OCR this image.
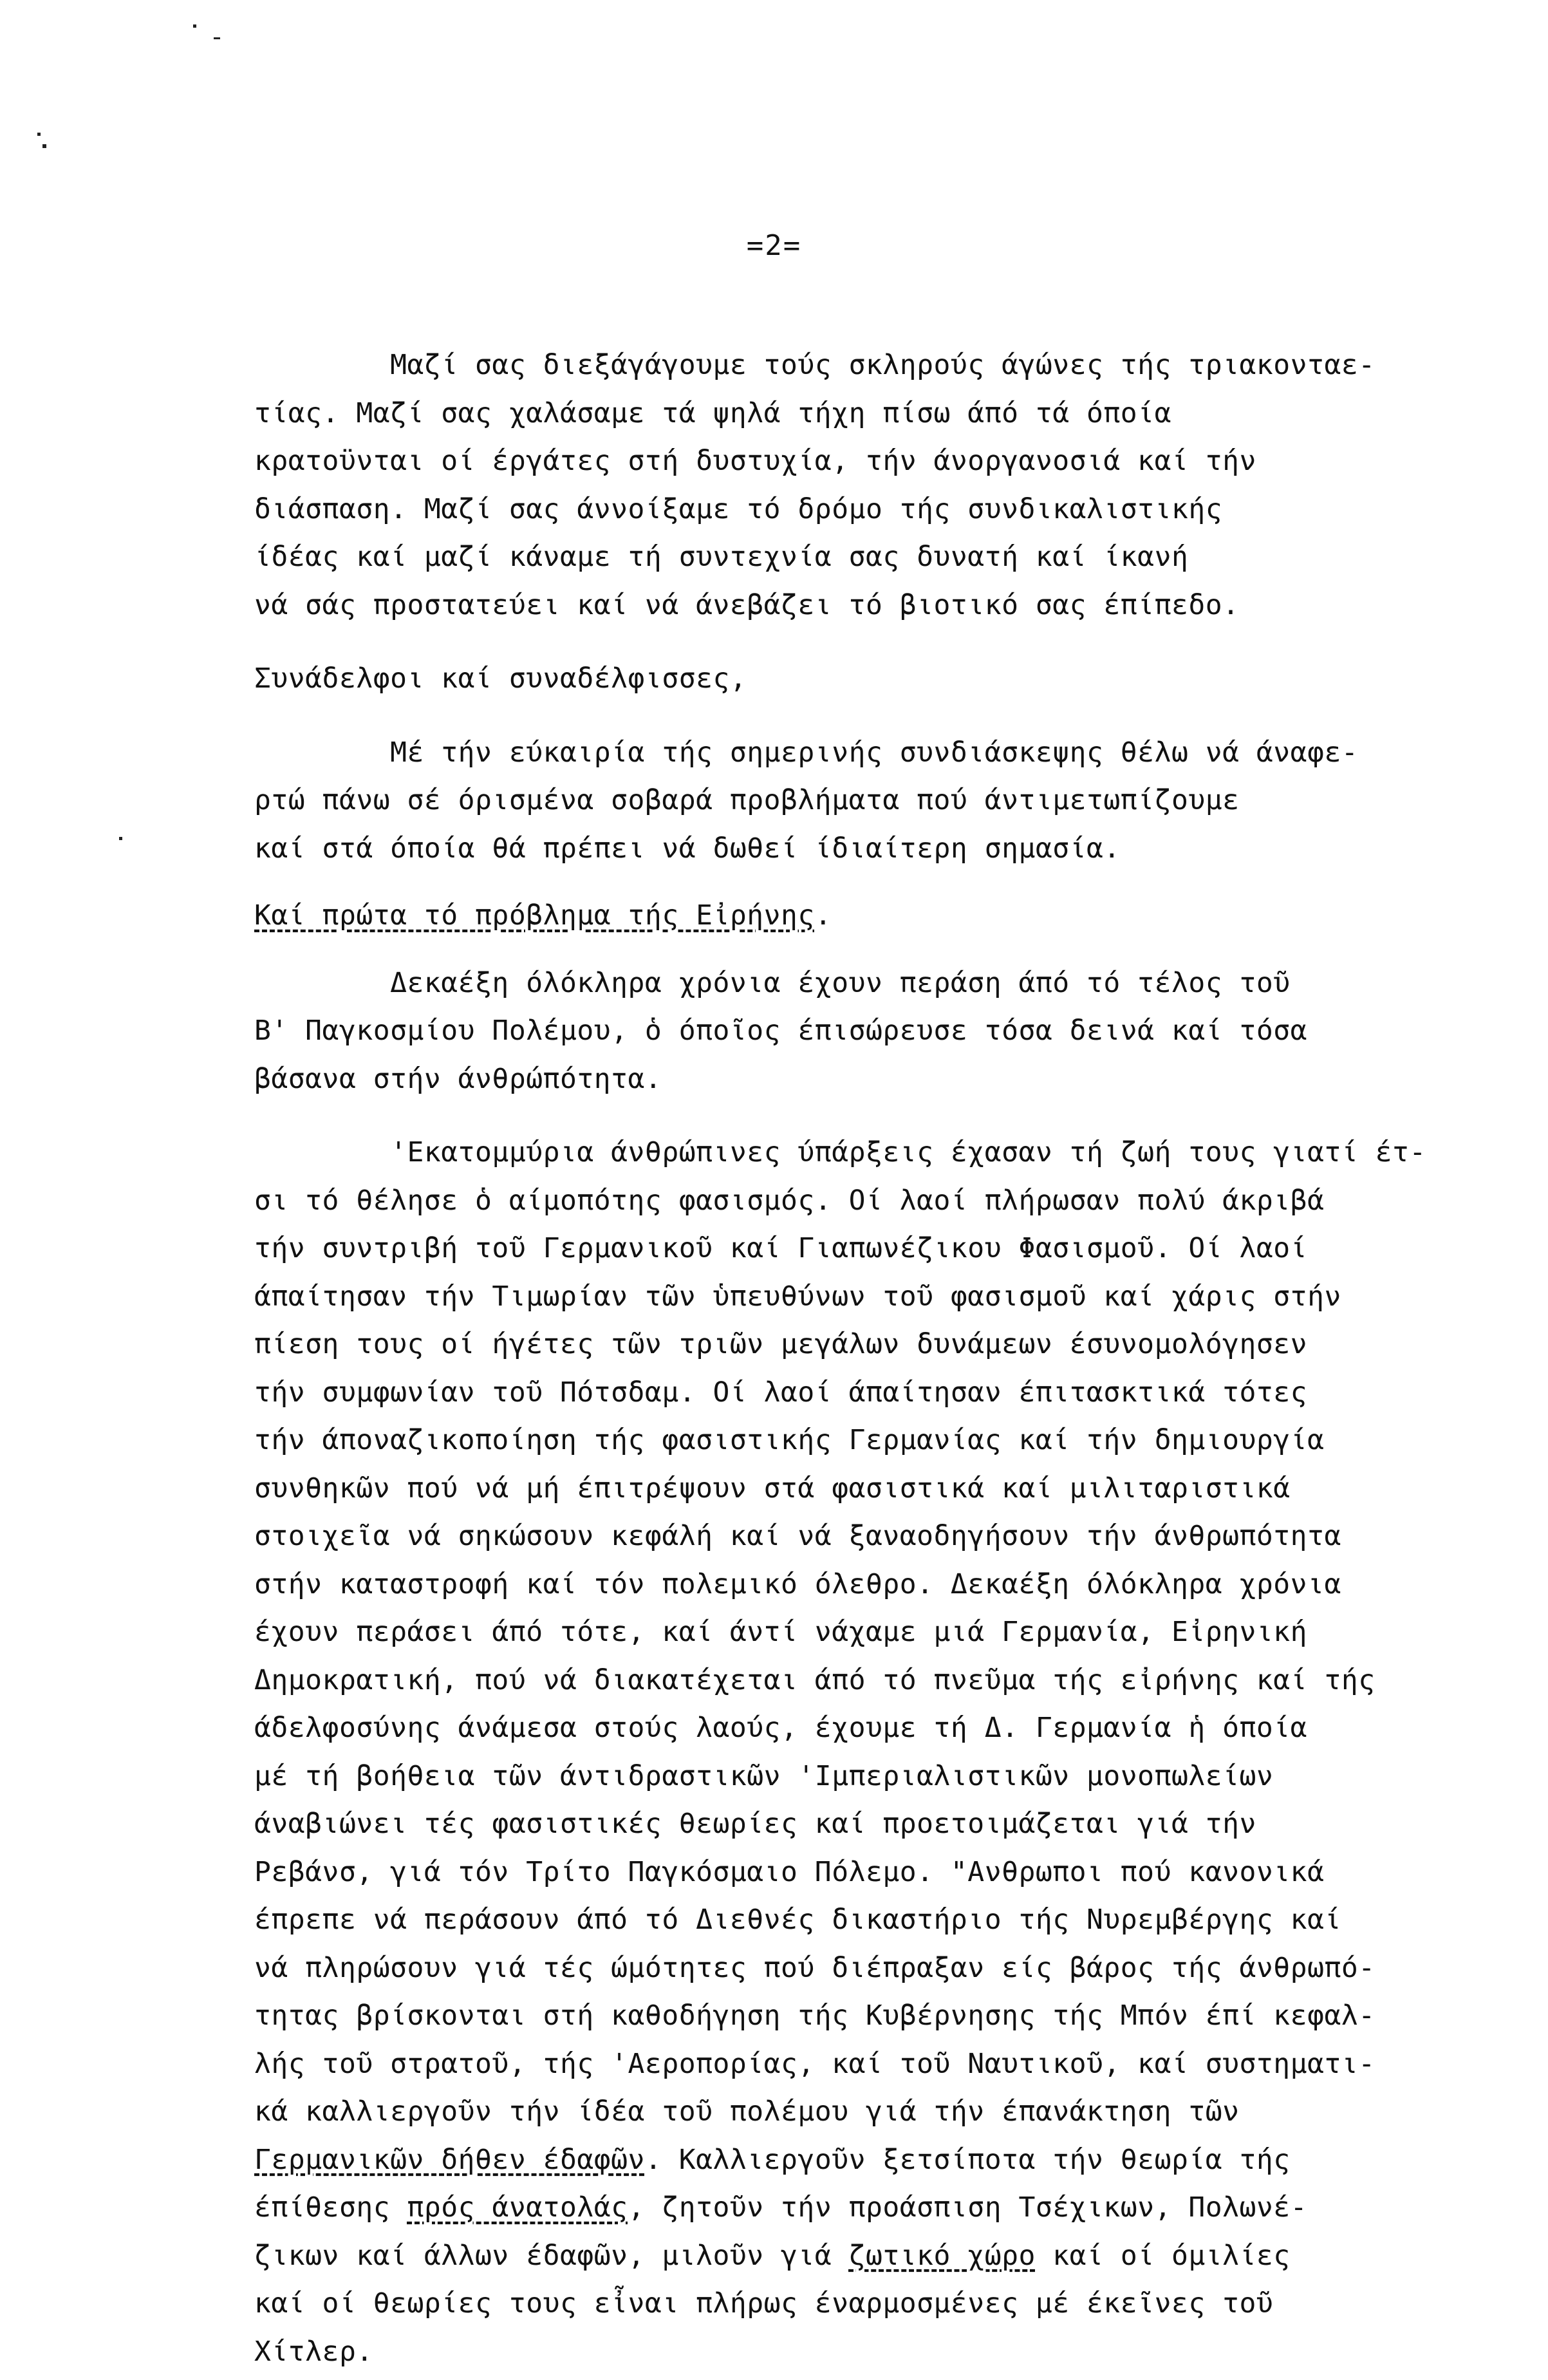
=2=
Μαζί σας διεξάγάγουμε τούς σκληρούς άγώνες τής τριακονταε-
τίας. Μαζί σας χαλάσαμε τά ψηλά τήχη πίσω άπό τά όποία
κρατοϋνται οί έργάτες στή δυστυχία, τήν άνοργανοσιά καί τήν
διάσπαση. Μαζί σας άννοίξαμε τό δρόμο τής συνδικαλιστικής
ίδέας καί μαζί κάναμε τή συντεχνία σας δυνατή καί ίκανή
νά σάς προστατεύει καί νά άνεβάζει τό βιοτικό σας έπίπεδο.
Συνάδελφοι καί συναδέλφισσες,
Μέ τήν εύκαιρία τής σημερινής συνδιάσκεψης θέλω νά άναφε-
ρτώ πάνω σέ όρισμένα σοβαρά προβλήματα πού άντιμετωπίζουμε
καί στά όποία θά πρέπει νά δωθεί ίδιαίτερη σημασία.
Καί πρώτα τό πρόβλημα τής Εἰρήνης.
Δεκαέξη όλόκληρα χρόνια έχουν περάση άπό τό τέλος τοῦ
Β' Παγκοσμίου Πολέμου, ὁ όποῖος έπισώρευσε τόσα δεινά καί τόσα
βάσανα στήν άνθρώπότητα.
'Εκατομμύρια άνθρώπινες ύπάρξεις έχασαν τή ζωή τους γιατί έτ-
σι τό θέλησε ὁ αίμοπότης φασισμός. Οί λαοί πλήρωσαν πολύ άκριβά
τήν συντριβή τοῦ Γερμανικοῦ καί Γιαπωνέζικου Φασισμοῦ. Οί λαοί
άπαίτησαν τήν Τιμωρίαν τῶν ὑπευθύνων τοῦ φασισμοῦ καί χάρις στήν
πίεση τους οί ήγέτες τῶν τριῶν μεγάλων δυνάμεων έσυνομολόγησεν
τήν συμφωνίαν τοῦ Πότσδαμ. Οί λαοί άπαίτησαν έπιτασκτικά τότες
τήν άποναζικοποίηση τής φασιστικής Γερμανίας καί τήν δημιουργία
συνθηκῶν πού νά μή έπιτρέψουν στά φασιστικά καί μιλιταριστικά
στοιχεῖα νά σηκώσουν κεφάλή καί νά ξαναοδηγήσουν τήν άνθρωπότητα
στήν καταστροφή καί τόν πολεμικό όλεθρο. Δεκαέξη όλόκληρα χρόνια
έχουν περάσει άπό τότε, καί άντί νάχαμε μιά Γερμανία, Εἰρηνική
Δημοκρατική, πού νά διακατέχεται άπό τό πνεῦμα τής εἰρήνης καί τής
άδελφοσύνης άνάμεσα στούς λαούς, έχουμε τή Δ. Γερμανία ἡ όποία
μέ τή βοήθεια τῶν άντιδραστικῶν 'Ιμπεριαλιστικῶν μονοπωλείων
άναβιώνει τές φασιστικές θεωρίες καί προετοιμάζεται γιά τήν
Ρεβάνσ, γιά τόν Τρίτο Παγκόσμαιο Πόλεμο. "Ανθρωποι πού κανονικά
έπρεπε νά περάσουν άπό τό Διεθνές δικαστήριο τής Νυρεμβέργης καί
νά πληρώσουν γιά τές ώμότητες πού διέπραξαν είς βάρος τής άνθρωπό-
τητας βρίσκονται στή καθοδήγηση τής Κυβέρνησης τής Μπόν έπί κεφαλ-
λής τοῦ στρατοῦ, τής 'Αεροπορίας, καί τοῦ Ναυτικοῦ, καί συστηματι-
κά καλλιεργοῦν τήν ίδέα τοῦ πολέμου γιά τήν έπανάκτηση τῶν
Γερμανικῶν δήθεν έδαφῶν. Καλλιεργοῦν ξετσίποτα τήν θεωρία τής
έπίθεσης πρός άνατολάς, ζητοῦν τήν προάσπιση Τσέχικων, Πολωνέ-
ζικων καί άλλων έδαφῶν, μιλοῦν γιά ζωτικό χώρο καί οί όμιλίες
καί οί θεωρίες τους εἶναι πλήρως έναρμοσμένες μέ έκεῖνες τοῦ
Χίτλερ.
